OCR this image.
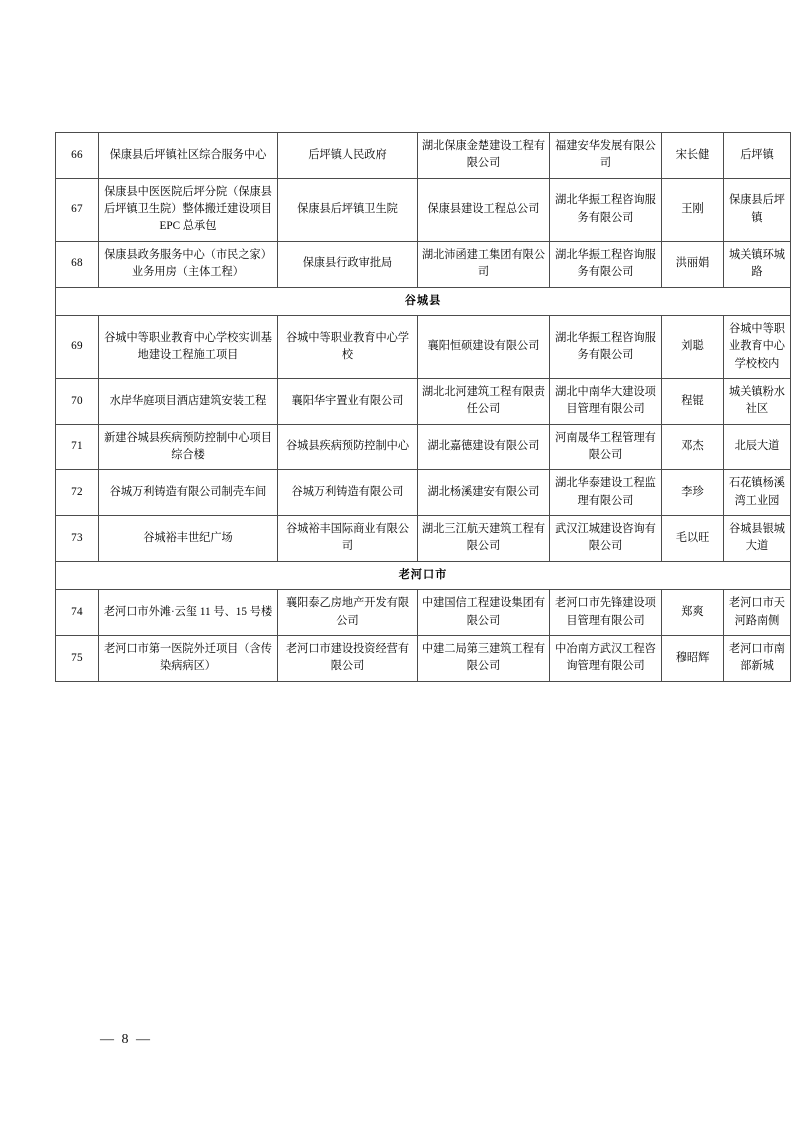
66	保康县后坪镇社区综合服务中心	后坪镇人民政府	湖北保康金楚建设工程有限公司	福建安华发展有限公司	宋长健	后坪镇
67	保康县中医医院后坪分院（保康县后坪镇卫生院）整体搬迁建设项目 EPC 总承包	保康县后坪镇卫生院	保康县建设工程总公司	湖北华振工程咨询服务有限公司	王刚	保康县后坪镇
68	保康县政务服务中心（市民之家）业务用房（主体工程）	保康县行政审批局	湖北沛函建工集团有限公司	湖北华振工程咨询服务有限公司	洪丽娟	城关镇环城路
谷城县						
69	谷城中等职业教育中心学校实训基地建设工程施工项目	谷城中等职业教育中心学校	襄阳恒硕建设有限公司	湖北华振工程咨询服务有限公司	刘聪	谷城中等职业教育中心学校校内
70	水岸华庭项目酒店建筑安装工程	襄阳华宇置业有限公司	湖北北河建筑工程有限责任公司	湖北中南华大建设项目管理有限公司	程锟	城关镇粉水社区
71	新建谷城县疾病预防控制中心项目综合楼	谷城县疾病预防控制中心	湖北嘉德建设有限公司	河南晟华工程管理有限公司	邓杰	北辰大道
72	谷城万利铸造有限公司制壳车间	谷城万利铸造有限公司	湖北杨溪建安有限公司	湖北华泰建设工程监理有限公司	李珍	石花镇杨溪湾工业园
73	谷城裕丰世纪广场	谷城裕丰国际商业有限公司	湖北三江航天建筑工程有限公司	武汉江城建设咨询有限公司	毛以旺	谷城县银城大道
老河口市						
74	老河口市外滩·云玺 11 号、15 号楼	襄阳泰乙房地产开发有限公司	中建国信工程建设集团有限公司	老河口市先锋建设项目管理有限公司	郑爽	老河口市天河路南侧
75	老河口市第一医院外迁项目（含传染病病区）	老河口市建设投资经营有限公司	中建二局第三建筑工程有限公司	中冶南方武汉工程咨询管理有限公司	穆昭辉	老河口市南部新城
— 8 —
